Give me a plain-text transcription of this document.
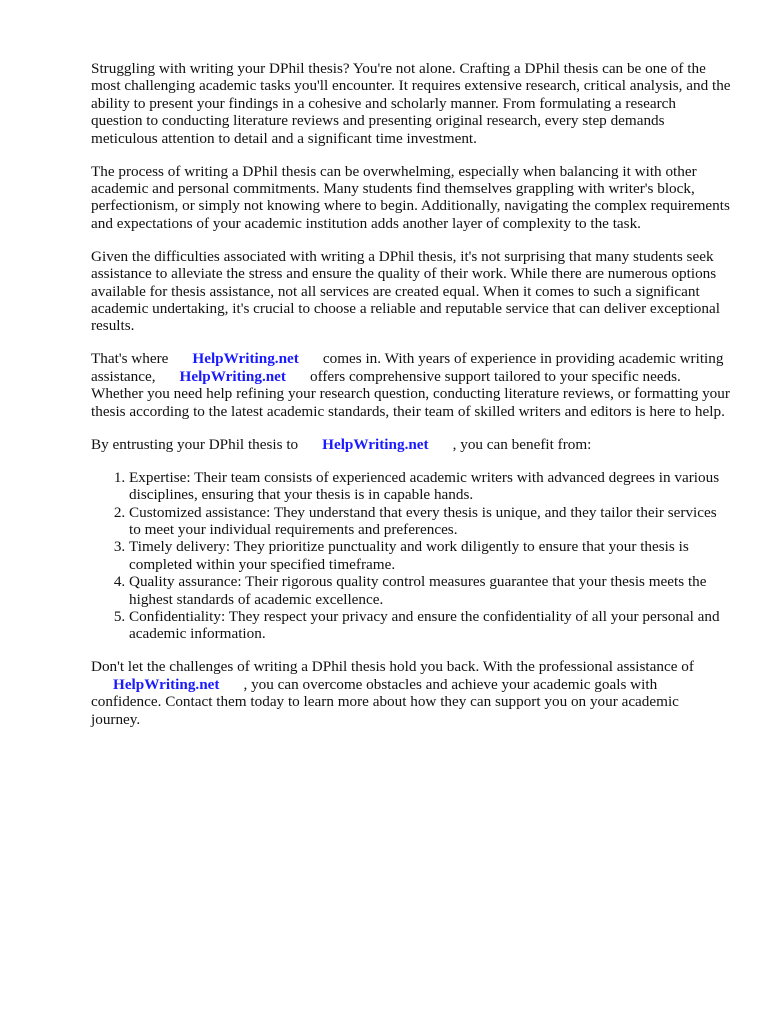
Struggling with writing your DPhil thesis? You're not alone. Crafting a DPhil thesis can be one of the most challenging academic tasks you'll encounter. It requires extensive research, critical analysis, and the ability to present your findings in a cohesive and scholarly manner. From formulating a research question to conducting literature reviews and presenting original research, every step demands meticulous attention to detail and a significant time investment.

The process of writing a DPhil thesis can be overwhelming, especially when balancing it with other academic and personal commitments. Many students find themselves grappling with writer's block, perfectionism, or simply not knowing where to begin. Additionally, navigating the complex requirements and expectations of your academic institution adds another layer of complexity to the task.

Given the difficulties associated with writing a DPhil thesis, it's not surprising that many students seek assistance to alleviate the stress and ensure the quality of their work. While there are numerous options available for thesis assistance, not all services are created equal. When it comes to such a significant academic undertaking, it's crucial to choose a reliable and reputable service that can deliver exceptional results.

That's where HelpWriting.net comes in. With years of experience in providing academic writing assistance, HelpWriting.net offers comprehensive support tailored to your specific needs. Whether you need help refining your research question, conducting literature reviews, or formatting your thesis according to the latest academic standards, their team of skilled writers and editors is here to help.

By entrusting your DPhil thesis to HelpWriting.net , you can benefit from:

1. Expertise: Their team consists of experienced academic writers with advanced degrees in various disciplines, ensuring that your thesis is in capable hands.
2. Customized assistance: They understand that every thesis is unique, and they tailor their services to meet your individual requirements and preferences.
3. Timely delivery: They prioritize punctuality and work diligently to ensure that your thesis is completed within your specified timeframe.
4. Quality assurance: Their rigorous quality control measures guarantee that your thesis meets the highest standards of academic excellence.
5. Confidentiality: They respect your privacy and ensure the confidentiality of all your personal and academic information.

Don't let the challenges of writing a DPhil thesis hold you back. With the professional assistance of HelpWriting.net , you can overcome obstacles and achieve your academic goals with confidence. Contact them today to learn more about how they can support you on your academic journey.
